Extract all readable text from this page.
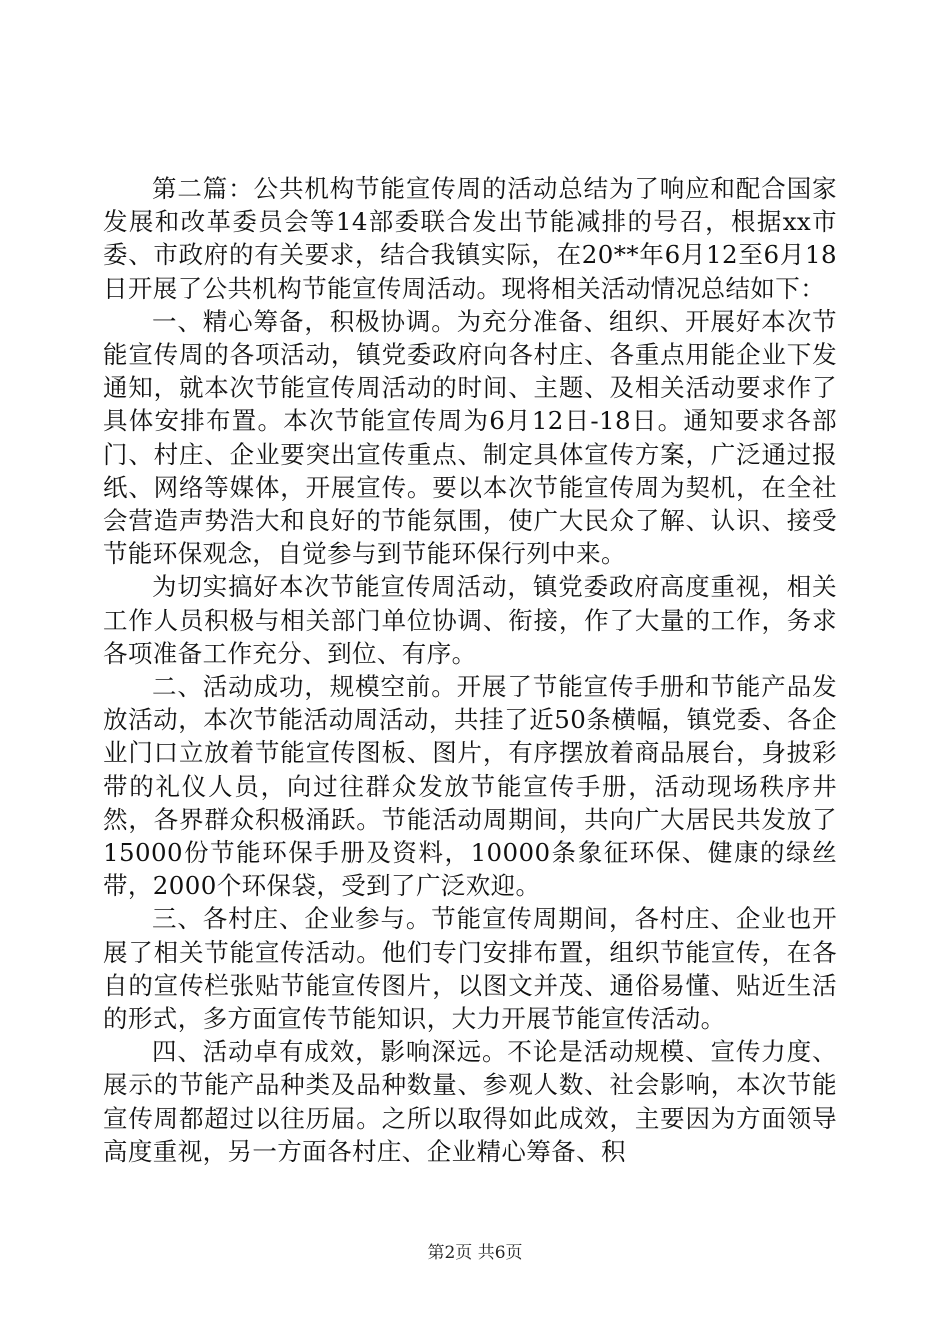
第二篇：公共机构节能宣传周的活动总结为了响应和配合国家发展和改革委员会等14部委联合发出节能减排的号召，根据xx市委、市政府的有关要求，结合我镇实际，在20**年6月12至6月18日开展了公共机构节能宣传周活动。现将相关活动情况总结如下：

一、精心筹备，积极协调。为充分准备、组织、开展好本次节能宣传周的各项活动，镇党委政府向各村庄、各重点用能企业下发通知，就本次节能宣传周活动的时间、主题、及相关活动要求作了具体安排布置。本次节能宣传周为6月12日-18日。通知要求各部门、村庄、企业要突出宣传重点、制定具体宣传方案，广泛通过报纸、网络等媒体，开展宣传。要以本次节能宣传周为契机，在全社会营造声势浩大和良好的节能氛围，使广大民众了解、认识、接受节能环保观念，自觉参与到节能环保行列中来。

为切实搞好本次节能宣传周活动，镇党委政府高度重视，相关工作人员积极与相关部门单位协调、衔接，作了大量的工作，务求各项准备工作充分、到位、有序。

二、活动成功，规模空前。开展了节能宣传手册和节能产品发放活动，本次节能活动周活动，共挂了近50条横幅，镇党委、各企业门口立放着节能宣传图板、图片，有序摆放着商品展台，身披彩带的礼仪人员，向过往群众发放节能宣传手册，活动现场秩序井然，各界群众积极涌跃。节能活动周期间，共向广大居民共发放了15000份节能环保手册及资料，10000条象征环保、健康的绿丝带，2000个环保袋，受到了广泛欢迎。

三、各村庄、企业参与。节能宣传周期间，各村庄、企业也开展了相关节能宣传活动。他们专门安排布置，组织节能宣传，在各自的宣传栏张贴节能宣传图片，以图文并茂、通俗易懂、贴近生活的形式，多方面宣传节能知识，大力开展节能宣传活动。

四、活动卓有成效，影响深远。不论是活动规模、宣传力度、展示的节能产品种类及品种数量、参观人数、社会影响，本次节能宣传周都超过以往历届。之所以取得如此成效，主要因为方面领导高度重视，另一方面各村庄、企业精心筹备、积

第2页 共6页
